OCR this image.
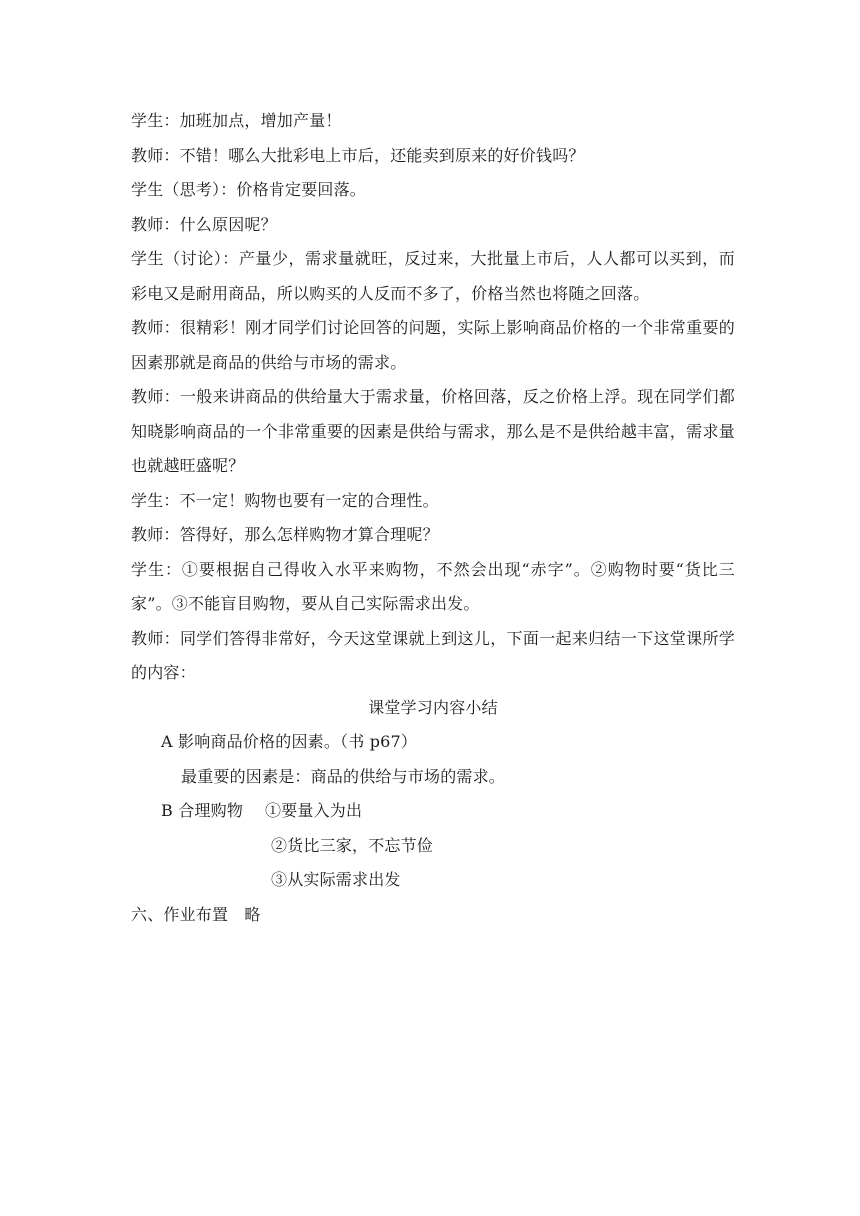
学生：加班加点，增加产量！

教师：不错！哪么大批彩电上市后，还能卖到原来的好价钱吗？

学生（思考）：价格肯定要回落。

教师：什么原因呢？

学生（讨论）：产量少，需求量就旺，反过来，大批量上市后，人人都可以买到，而彩电又是耐用商品，所以购买的人反而不多了，价格当然也将随之回落。

教师：很精彩！刚才同学们讨论回答的问题，实际上影响商品价格的一个非常重要的因素那就是商品的供给与市场的需求。

教师：一般来讲商品的供给量大于需求量，价格回落，反之价格上浮。现在同学们都知晓影响商品的一个非常重要的因素是供给与需求，那么是不是供给越丰富，需求量也就越旺盛呢？

学生：不一定！购物也要有一定的合理性。

教师：答得好，那么怎样购物才算合理呢？

学生：①要根据自己得收入水平来购物，不然会出现“赤字”。②购物时要“货比三家”。③不能盲目购物，要从自己实际需求出发。

教师：同学们答得非常好，今天这堂课就上到这儿，下面一起来归结一下这堂课所学的内容：

课堂学习内容小结

A 影响商品价格的因素。（书 p67）

最重要的因素是：商品的供给与市场的需求。

B 合理购物	①要量入为出

②货比三家，不忘节俭

③从实际需求出发

六、作业布置　略
